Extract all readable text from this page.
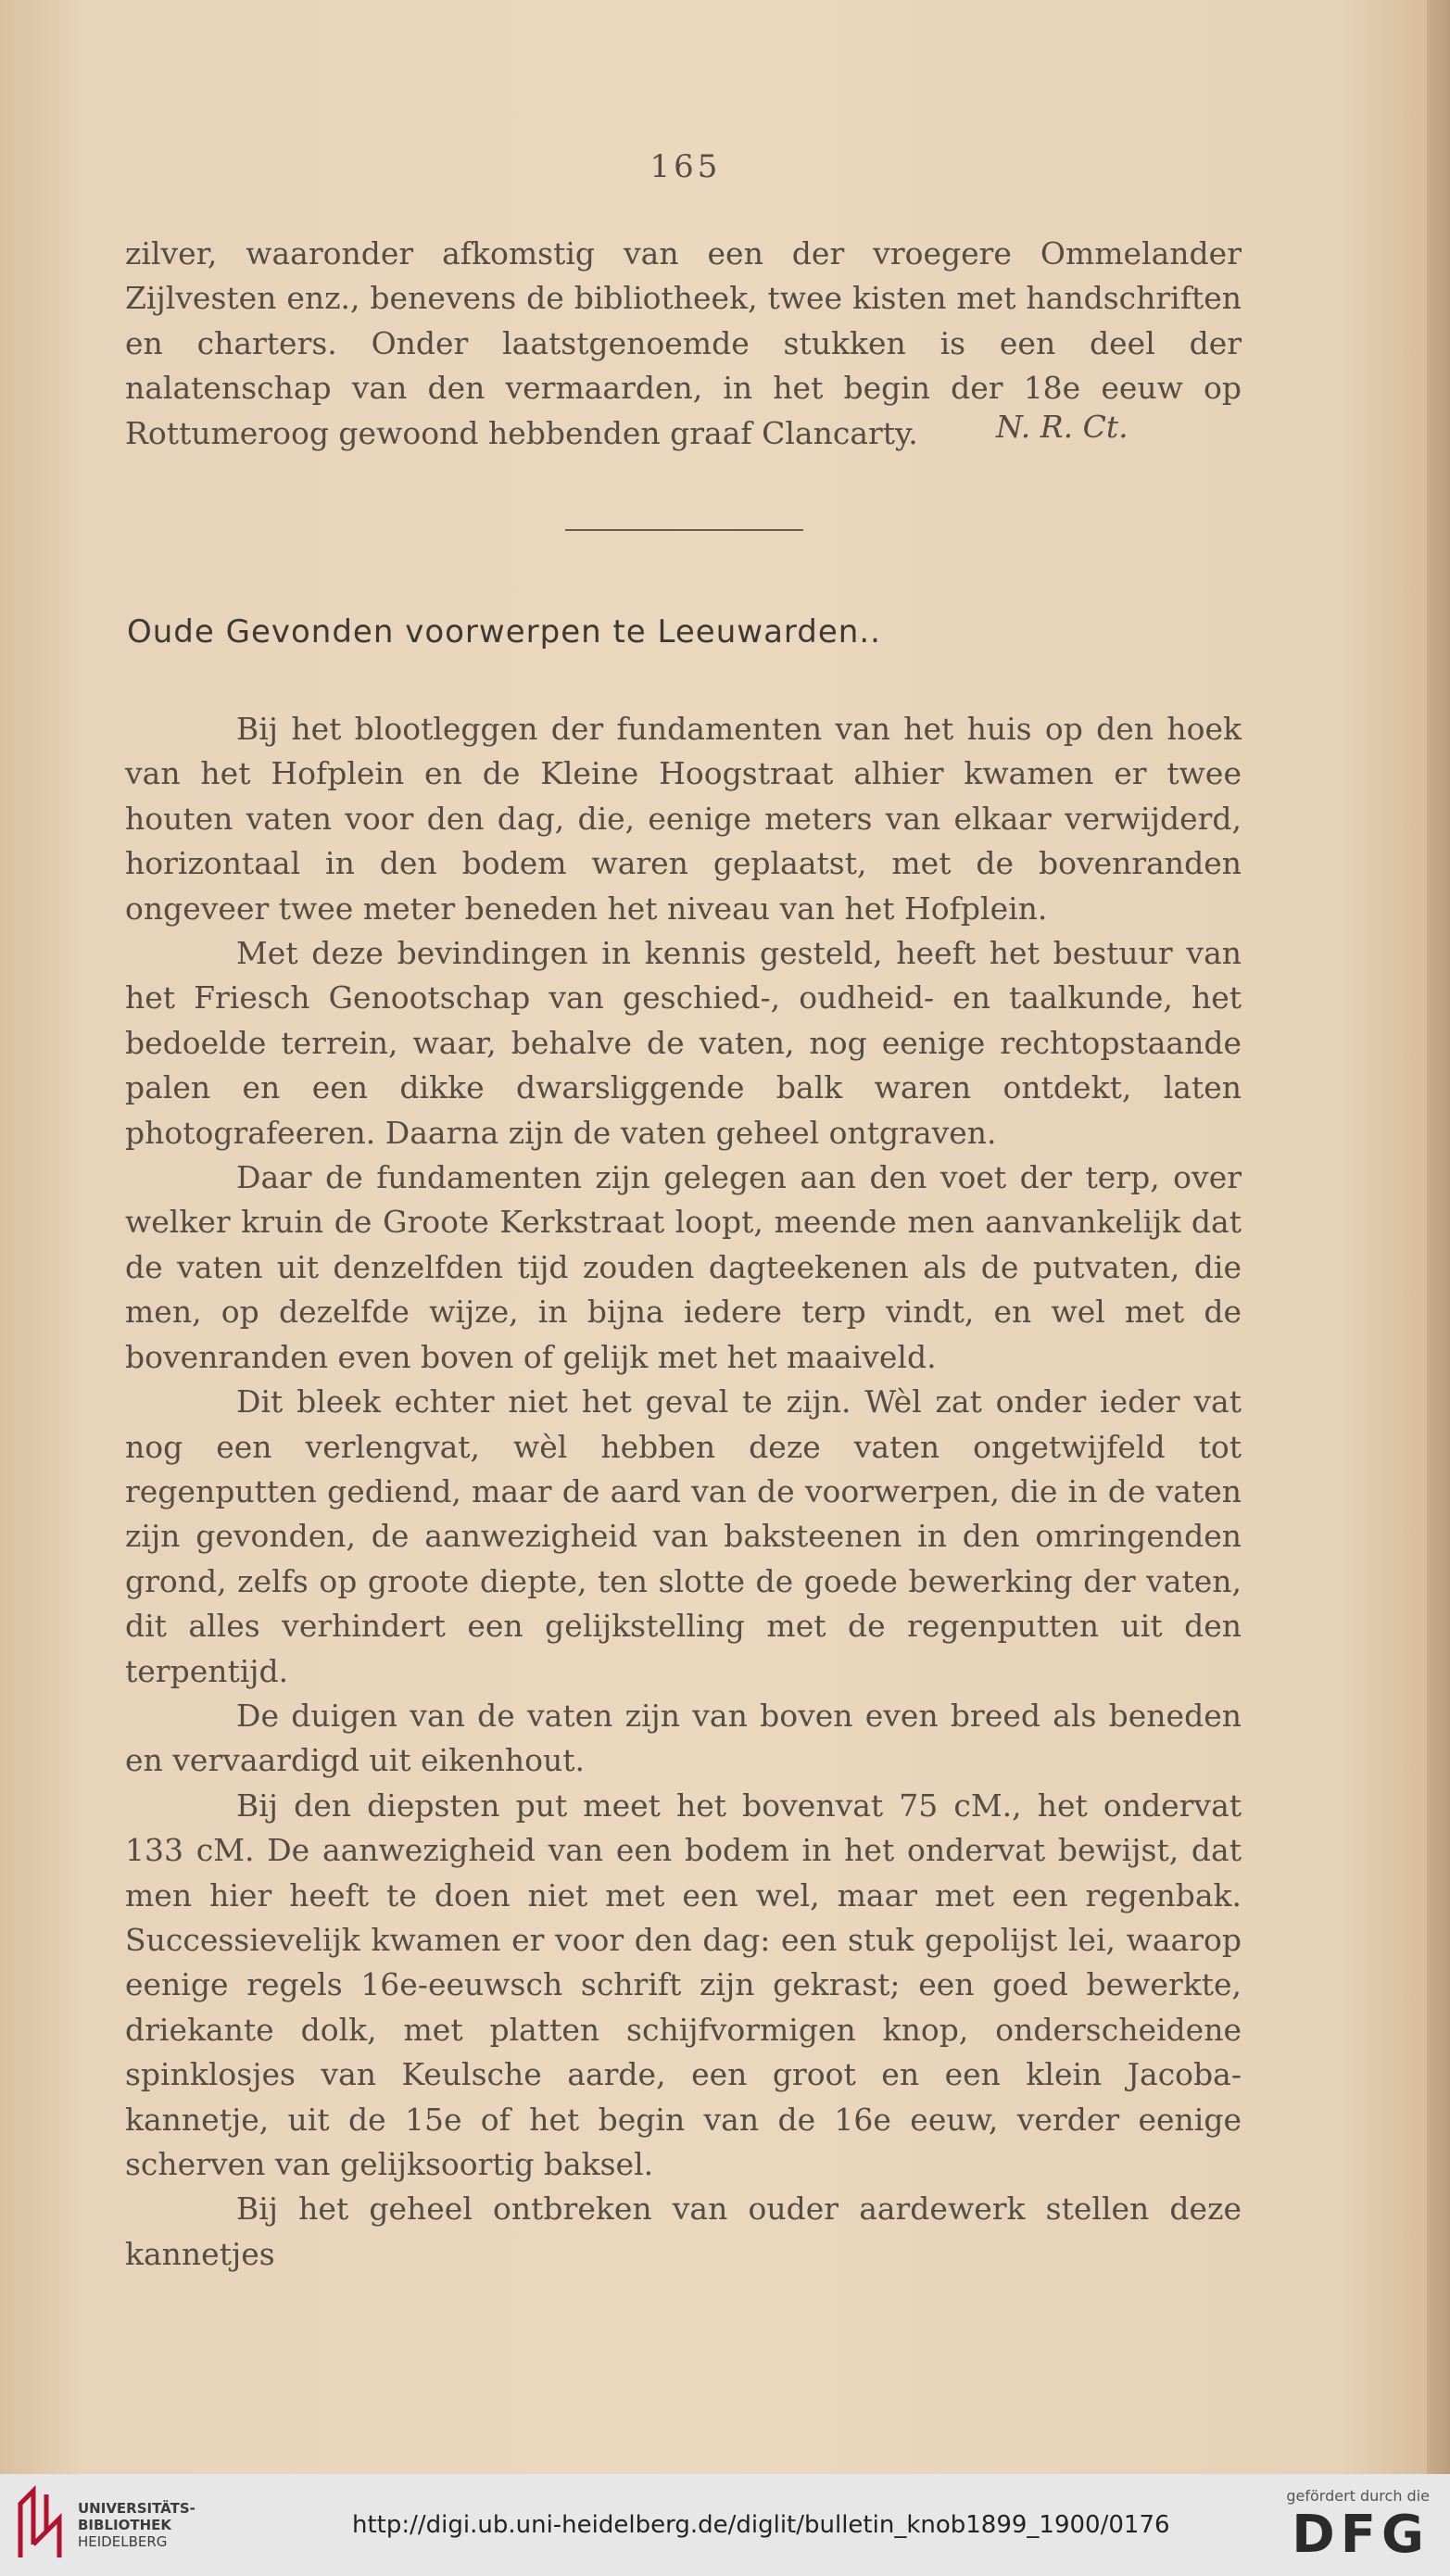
165

zilver, waaronder afkomstig van een der vroegere Ommelander Zijlvesten enz., benevens de bibliotheek, twee kisten met handschriften en charters. Onder laatstgenoemde stukken is een deel der nalatenschap van den vermaarden, in het begin der 18e eeuw op Rottumeroog gewoond hebbenden graaf Clancarty.	N. R. Ct.
Oude Gevonden voorwerpen te Leeuwarden..

Bij het blootleggen der fundamenten van het huis op den hoek van het Hofplein en de Kleine Hoogstraat alhier kwamen er twee houten vaten voor den dag, die, eenige meters van elkaar verwijderd, horizontaal in den bodem waren geplaatst, met de bovenranden ongeveer twee meter beneden het niveau van het Hofplein.

Met deze bevindingen in kennis gesteld, heeft het bestuur van het Friesch Genootschap van geschied-, oudheid- en taalkunde, het bedoelde terrein, waar, behalve de vaten, nog eenige rechtopstaande palen en een dikke dwarsliggende balk waren ontdekt, laten photografeeren. Daarna zijn de vaten geheel ontgraven.

Daar de fundamenten zijn gelegen aan den voet der terp, over welker kruin de Groote Kerkstraat loopt, meende men aanvankelijk dat de vaten uit denzelfden tijd zouden dagteekenen als de putvaten, die men, op dezelfde wijze, in bijna iedere terp vindt, en wel met de bovenranden even boven of gelijk met het maaiveld.

Dit bleek echter niet het geval te zijn. Wèl zat onder ieder vat nog een verlengvat, wèl hebben deze vaten ongetwijfeld tot regenputten gediend, maar de aard van de voorwerpen, die in de vaten zijn gevonden, de aanwezigheid van baksteenen in den omringenden grond, zelfs op groote diepte, ten slotte de goede bewerking der vaten, dit alles verhindert een gelijkstelling met de regenputten uit den terpentijd.

De duigen van de vaten zijn van boven even breed als beneden en vervaardigd uit eikenhout.

Bij den diepsten put meet het bovenvat 75 cM., het ondervat 133 cM. De aanwezigheid van een bodem in het ondervat bewijst, dat men hier heeft te doen niet met een wel, maar met een regenbak. Successievelijk kwamen er voor den dag: een stuk gepolijst lei, waarop eenige regels 16e-eeuwsch schrift zijn gekrast; een goed bewerkte, driekante dolk, met platten schijfvormigen knop, onderscheidene spinklosjes van Keulsche aarde, een groot en een klein Jacoba-kannetje, uit de 15e of het begin van de 16e eeuw, verder eenige scherven van gelijksoortig baksel.

Bij het geheel ontbreken van ouder aardewerk stellen deze kannetjes

UNIVERSITÄTS-
BIBLIOTHEK
HEIDELBERG
http://digi.ub.uni-heidelberg.de/diglit/bulletin_knob1899_1900/0176
gefördert durch die
DFG
